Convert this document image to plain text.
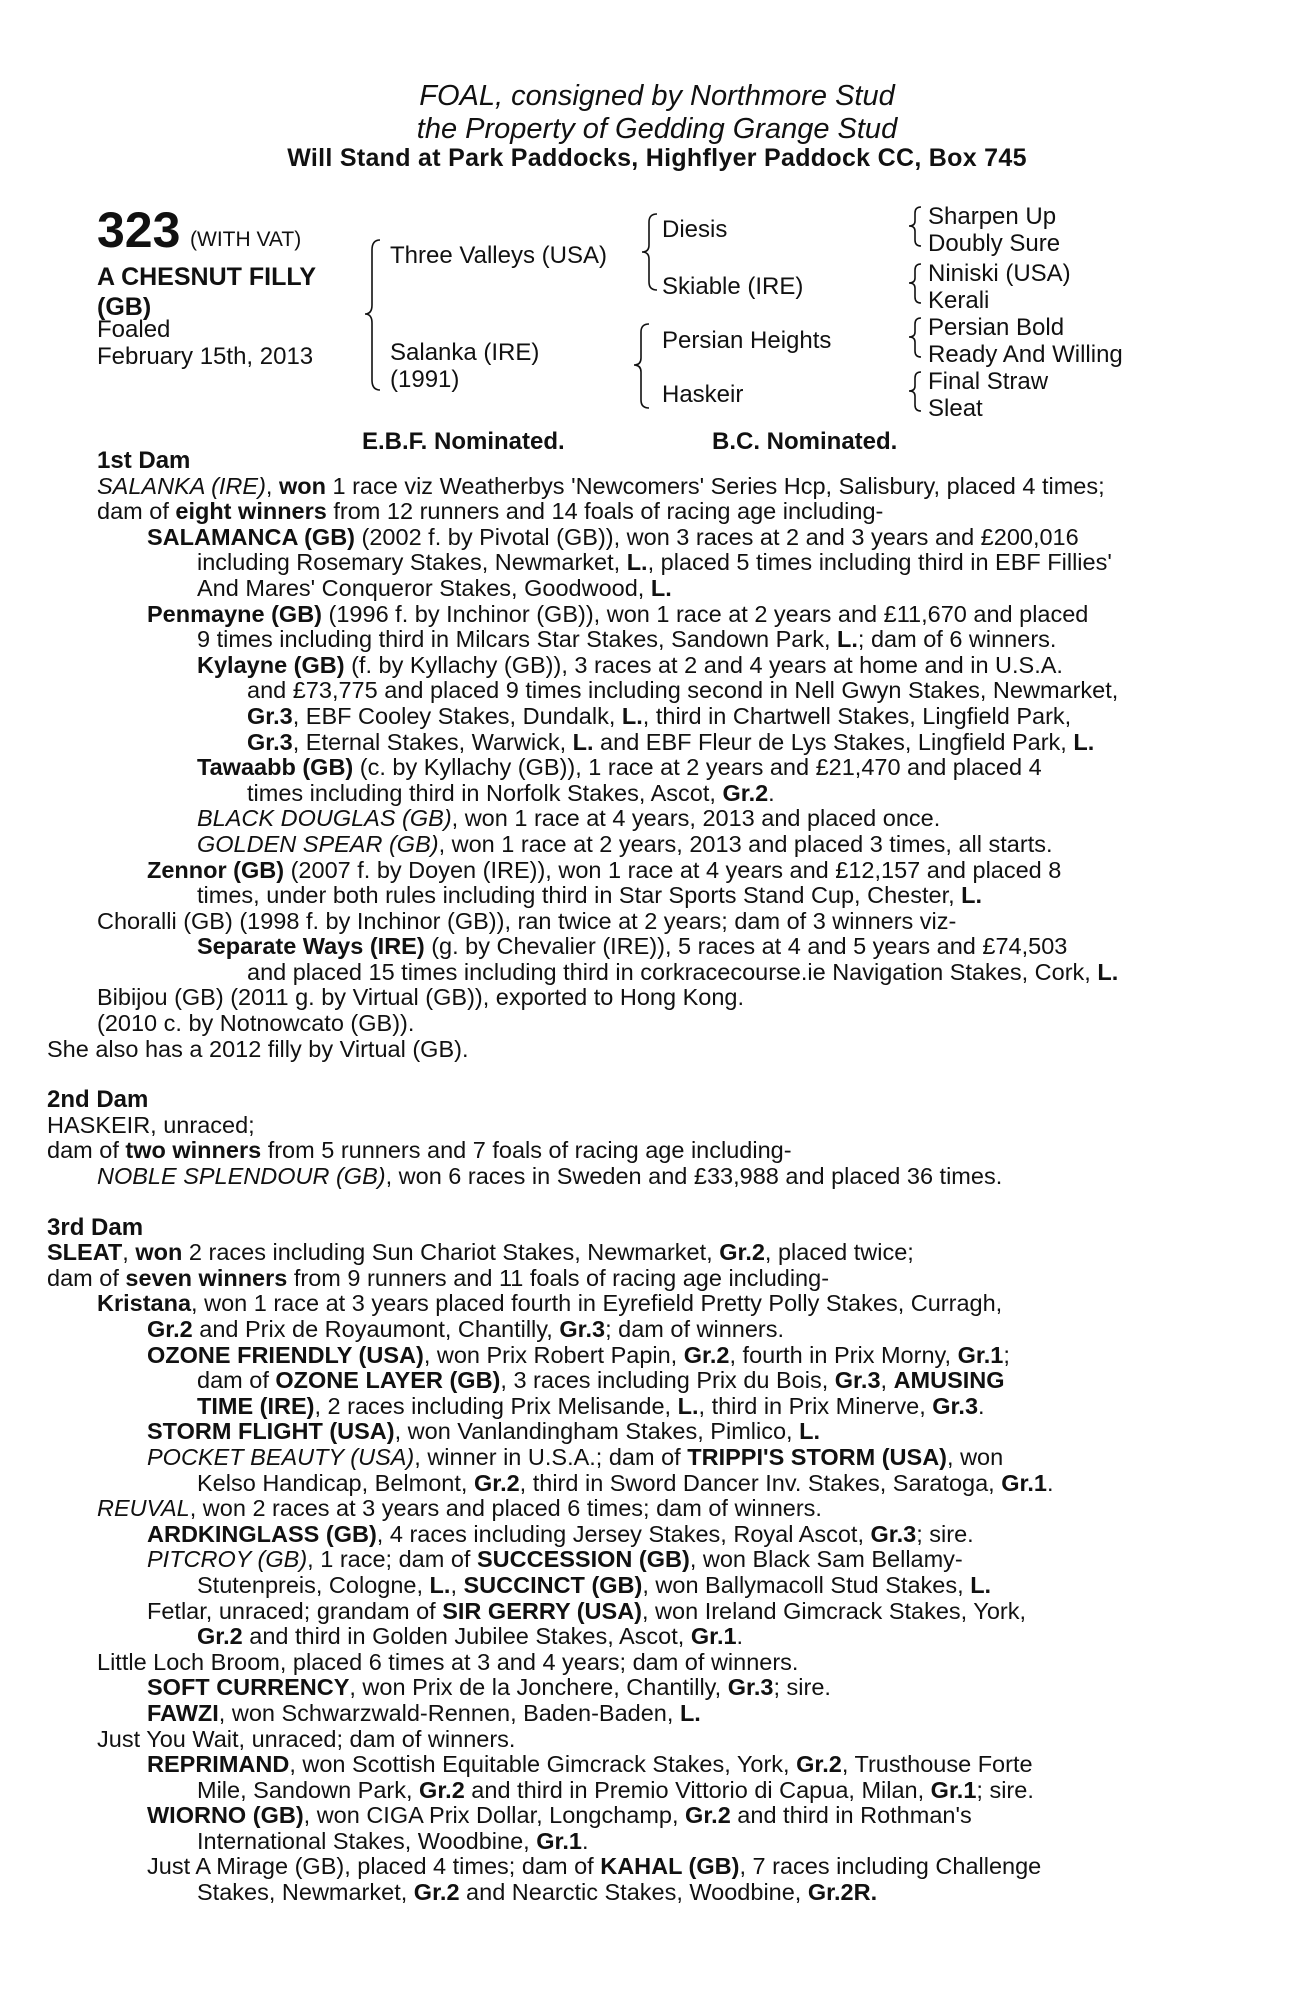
FOAL, consigned by Northmore Stud
the Property of Gedding Grange Stud
Will Stand at Park Paddocks, Highflyer Paddock CC, Box 745
323 (WITH VAT)
A CHESNUT FILLY
(GB)
Foaled
February 15th, 2013
Three Valleys (USA)
Salanka (IRE)
(1991)
Diesis
Skiable (IRE)
Persian Heights
Haskeir
Sharpen Up
Doubly Sure
Niniski (USA)
Kerali
Persian Bold
Ready And Willing
Final Straw
Sleat
E.B.F. Nominated.	B.C. Nominated.
1st Dam
SALANKA (IRE), won 1 race viz Weatherbys 'Newcomers' Series Hcp, Salisbury, placed 4 times;
dam of eight winners from 12 runners and 14 foals of racing age including-
SALAMANCA (GB) (2002 f. by Pivotal (GB)), won 3 races at 2 and 3 years and £200,016
including Rosemary Stakes, Newmarket, L., placed 5 times including third in EBF Fillies'
And Mares' Conqueror Stakes, Goodwood, L.
Penmayne (GB) (1996 f. by Inchinor (GB)), won 1 race at 2 years and £11,670 and placed
9 times including third in Milcars Star Stakes, Sandown Park, L.; dam of 6 winners.
Kylayne (GB) (f. by Kyllachy (GB)), 3 races at 2 and 4 years at home and in U.S.A.
and £73,775 and placed 9 times including second in Nell Gwyn Stakes, Newmarket,
Gr.3, EBF Cooley Stakes, Dundalk, L., third in Chartwell Stakes, Lingfield Park,
Gr.3, Eternal Stakes, Warwick, L. and EBF Fleur de Lys Stakes, Lingfield Park, L.
Tawaabb (GB) (c. by Kyllachy (GB)), 1 race at 2 years and £21,470 and placed 4
times including third in Norfolk Stakes, Ascot, Gr.2.
BLACK DOUGLAS (GB), won 1 race at 4 years, 2013 and placed once.
GOLDEN SPEAR (GB), won 1 race at 2 years, 2013 and placed 3 times, all starts.
Zennor (GB) (2007 f. by Doyen (IRE)), won 1 race at 4 years and £12,157 and placed 8
times, under both rules including third in Star Sports Stand Cup, Chester, L.
Choralli (GB) (1998 f. by Inchinor (GB)), ran twice at 2 years; dam of 3 winners viz-
Separate Ways (IRE) (g. by Chevalier (IRE)), 5 races at 4 and 5 years and £74,503
and placed 15 times including third in corkracecourse.ie Navigation Stakes, Cork, L.
Bibijou (GB) (2011 g. by Virtual (GB)), exported to Hong Kong.
(2010 c. by Notnowcato (GB)).
She also has a 2012 filly by Virtual (GB).
2nd Dam
HASKEIR, unraced;
dam of two winners from 5 runners and 7 foals of racing age including-
NOBLE SPLENDOUR (GB), won 6 races in Sweden and £33,988 and placed 36 times.
3rd Dam
SLEAT, won 2 races including Sun Chariot Stakes, Newmarket, Gr.2, placed twice;
dam of seven winners from 9 runners and 11 foals of racing age including-
Kristana, won 1 race at 3 years placed fourth in Eyrefield Pretty Polly Stakes, Curragh,
Gr.2 and Prix de Royaumont, Chantilly, Gr.3; dam of winners.
OZONE FRIENDLY (USA), won Prix Robert Papin, Gr.2, fourth in Prix Morny, Gr.1;
dam of OZONE LAYER (GB), 3 races including Prix du Bois, Gr.3, AMUSING
TIME (IRE), 2 races including Prix Melisande, L., third in Prix Minerve, Gr.3.
STORM FLIGHT (USA), won Vanlandingham Stakes, Pimlico, L.
POCKET BEAUTY (USA), winner in U.S.A.; dam of TRIPPI'S STORM (USA), won
Kelso Handicap, Belmont, Gr.2, third in Sword Dancer Inv. Stakes, Saratoga, Gr.1.
REUVAL, won 2 races at 3 years and placed 6 times; dam of winners.
ARDKINGLASS (GB), 4 races including Jersey Stakes, Royal Ascot, Gr.3; sire.
PITCROY (GB), 1 race; dam of SUCCESSION (GB), won Black Sam Bellamy-
Stutenpreis, Cologne, L., SUCCINCT (GB), won Ballymacoll Stud Stakes, L.
Fetlar, unraced; grandam of SIR GERRY (USA), won Ireland Gimcrack Stakes, York,
Gr.2 and third in Golden Jubilee Stakes, Ascot, Gr.1.
Little Loch Broom, placed 6 times at 3 and 4 years; dam of winners.
SOFT CURRENCY, won Prix de la Jonchere, Chantilly, Gr.3; sire.
FAWZI, won Schwarzwald-Rennen, Baden-Baden, L.
Just You Wait, unraced; dam of winners.
REPRIMAND, won Scottish Equitable Gimcrack Stakes, York, Gr.2, Trusthouse Forte
Mile, Sandown Park, Gr.2 and third in Premio Vittorio di Capua, Milan, Gr.1; sire.
WIORNO (GB), won CIGA Prix Dollar, Longchamp, Gr.2 and third in Rothman's
International Stakes, Woodbine, Gr.1.
Just A Mirage (GB), placed 4 times; dam of KAHAL (GB), 7 races including Challenge
Stakes, Newmarket, Gr.2 and Nearctic Stakes, Woodbine, Gr.2R.
